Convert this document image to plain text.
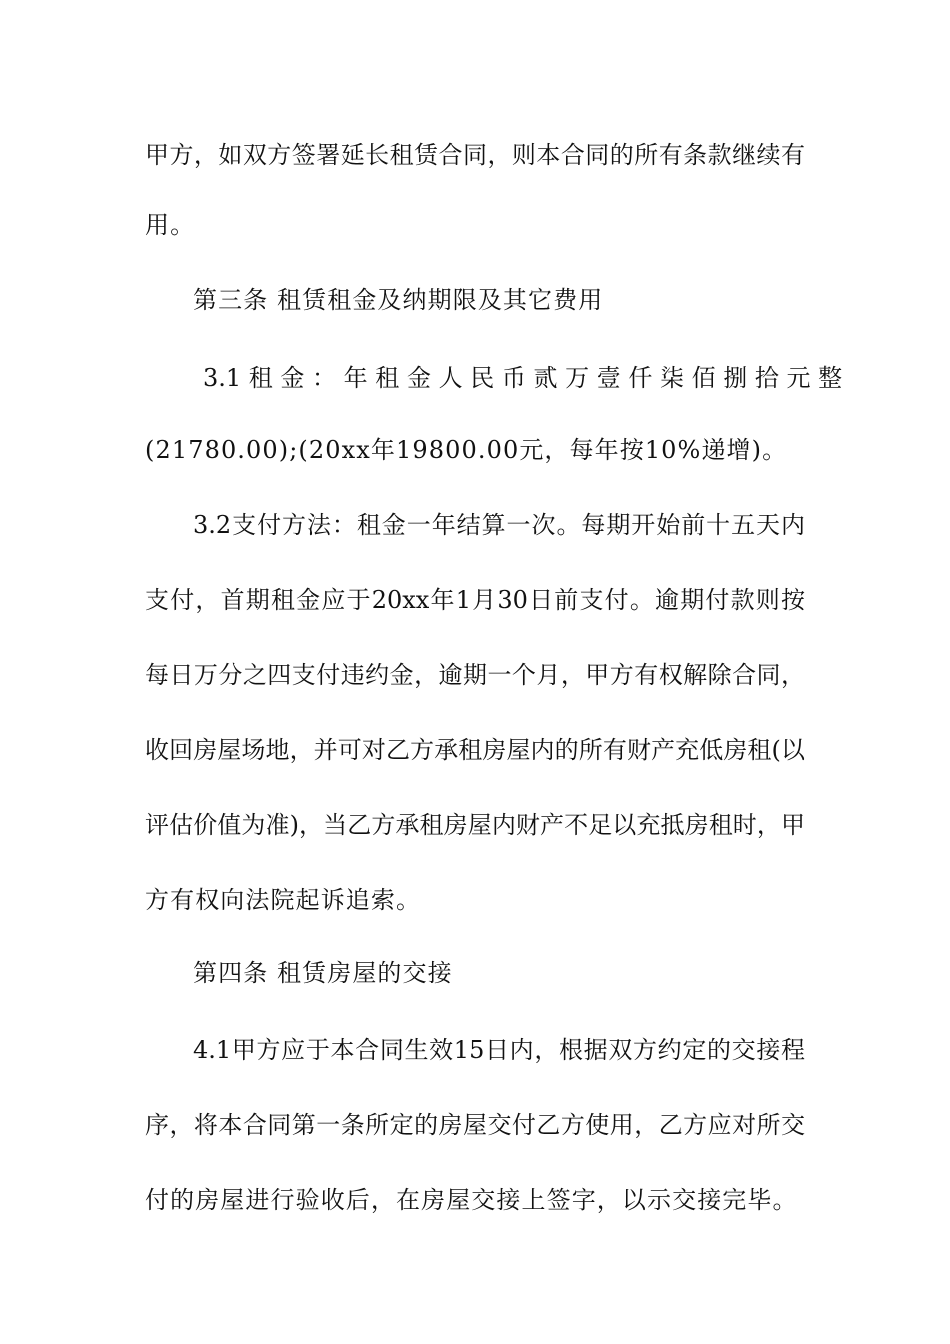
甲方，如双方签署延长租赁合同，则本合同的所有条款继续有
用。
第三条 租赁租金及纳期限及其它费用
3.1 租 金 ： 年 租 金 人 民 币 贰 万 壹 仟 柒 佰 捌 拾 元 整
(21780.00);(20xx年19800.00元，每年按10%递增)。
3.2支付方法：租金一年结算一次。每期开始前十五天内
支付，首期租金应于20xx年1月30日前支付。逾期付款则按
每日万分之四支付违约金，逾期一个月，甲方有权解除合同，
收回房屋场地，并可对乙方承租房屋内的所有财产充低房租(以
评估价值为准)，当乙方承租房屋内财产不足以充抵房租时，甲
方有权向法院起诉追索。
第四条 租赁房屋的交接
4.1甲方应于本合同生效15日内，根据双方约定的交接程
序，将本合同第一条所定的房屋交付乙方使用，乙方应对所交
付的房屋进行验收后，在房屋交接上签字，以示交接完毕。
